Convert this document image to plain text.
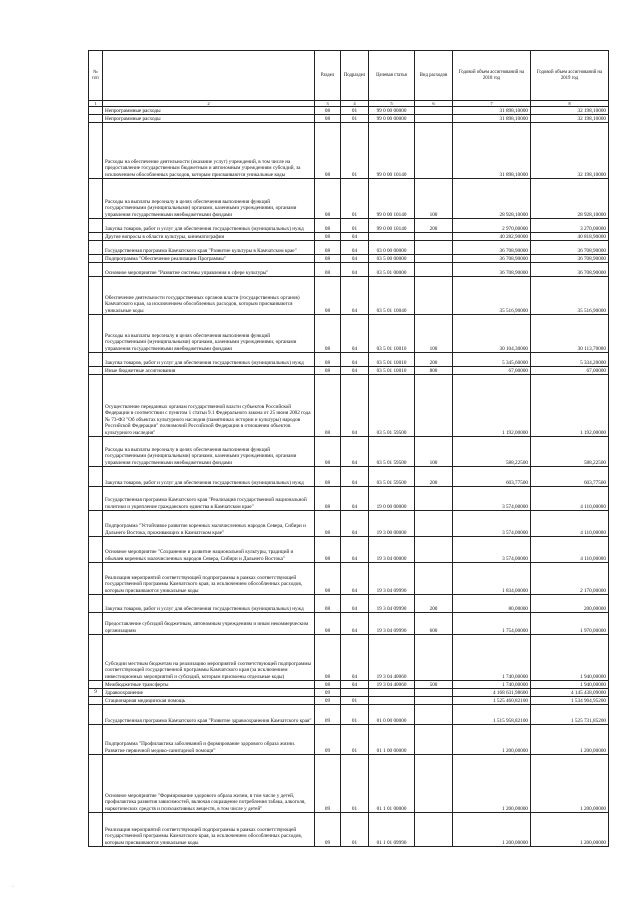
№ п/п		Раздел	Подраздел	Целевая статья	Вид расходов	Годовой объем ассигнований на 2018 год	Годовой объем ассигнований на 2019 год
1	2	3	4	5	6	7	8
	Непрограммные расходы	08	01	99 0 00 00000		31 898,10000	32 198,10000
	Непрограммные расходы	08	01	99 0 00 00000		31 898,10000	32 198,10000
	Расходы на обеспечение деятельности (оказание услуг) учреждений, в том числе на предоставление государственным бюджетным и автономным учреждениям субсидий, за исключением обособленных расходов, которым присваиваются уникальные коды	08	01	99 0 00 10140		31 898,10000	32 198,10000
	Расходы на выплаты персоналу в целях обеспечения выполнения функций государственными (муниципальными) органами, казенными учреждениями, органами управления государственными внебюджетными фондами	08	01	99 0 00 10140	100	28 928,10000	28 928,10000
	Закупка товаров, работ и услуг для обеспечения государственных (муниципальных) нужд	08	01	99 0 00 10140	200	2 970,00000	3 270,00000
	Другие вопросы в области культуры, кинематографии	08	04			40 282,90000	40 818,90000
	Государственная программа Камчатского края "Развитие культуры в Камчатском крае"	08	04	03 0 00 00000		36 708,90000	36 708,90000
	Подпрограмма "Обеспечение реализации Программы"	08	04	03 5 00 00000		36 708,90000	36 708,90000
	Основное мероприятие "Развитие системы управления в сфере культуры"	08	04	03 5 01 00000		36 708,90000	36 708,90000
	Обеспечение деятельности государственных органов власти (государственных органов) Камчатского края, за исключением обособленных расходов, которым присваиваются уникальные коды	08	04	03 5 01 10040		35 516,90000	35 516,90000
	Расходы на выплаты персоналу в целях обеспечения выполнения функций государственными (муниципальными) органами, казенными учреждениями, органами управления государственными внебюджетными фондами	08	04	03 5 01 10010	100	30 104,30000	30 113,70000
	Закупка товаров, работ и услуг для обеспечения государственных (муниципальных) нужд	08	04	03 5 01 10010	200	5 345,60000	5 334,20000
	Иные бюджетные ассигнования	08	04	03 5 01 10010	800	67,00000	67,00000
	Осуществление переданных органам государственной власти субъектов Российской Федерации в соответствии с пунктом 1 статьи 9.1 Федерального закона от 25 июня 2002 года № 73-ФЗ "Об объектах культурного наследия (памятниках истории и культуры) народов Российской Федерации" полномочий Российской Федерации в отношении объектов культурного наследия"	08	04	03 5 01 59500		1 192,00000	1 192,00000
	Расходы на выплаты персоналу в целях обеспечения выполнения функций государственными (муниципальными) органами, казенными учреждениями, органами управления государственными внебюджетными фондами	08	04	03 5 01 59500	100	588,22500	588,22500
	Закупка товаров, работ и услуг для обеспечения государственных (муниципальных) нужд	08	04	03 5 01 59500	200	603,77500	603,77500
	Государственная программа Камчатского края "Реализация государственной национальной политики и укрепление гражданского единства в Камчатском крае"	08	04	19 0 00 00000		3 574,00000	4 110,00000
	Подпрограмма "Устойчивое развитие коренных малочисленных народов Севера, Сибири и Дальнего Востока, проживающих в Камчатском крае"	08	04	19 3 00 00000		3 574,00000	4 110,00000
	Основное мероприятие "Сохранение и развитие национальной культуры, традиций и обычаев коренных малочисленных народов Севера, Сибири и Дальнего Востока"	08	04	19 3 04 00000		3 574,00000	4 110,00000
	Реализация мероприятий соответствующей подпрограммы в рамках соответствующей государственной программы Камчатского края, за исключением обособленных расходов, которым присваиваются уникальные коды	08	04	19 3 04 09990		1 834,00000	2 170,00000
	Закупка товаров, работ и услуг для обеспечения государственных (муниципальных) нужд	08	04	19 3 04 09990	200	80,00000	200,00000
	Предоставление субсидий бюджетным, автономным учреждениям и иным некоммерческим организациям	08	04	19 3 04 09990	600	1 754,00000	1 970,00000
	Субсидии местным бюджетам на реализацию мероприятий соответствующей подпрограммы соответствующей государственной программы Камчатского края (за исключением инвестиционных мероприятий и субсидий, которым присвоены отдельные коды)	08	04	19 3 04 40060		1 740,00000	1 940,00000
	Межбюджетные трансферты	08	04	19 3 04 40060	500	1 740,00000	1 940,00000
9	Здравоохранение	09				4 168 631,98600	4 145 438,09000
	Стационарная медицинская помощь	09	01			1 525 460,82100	1 534 904,95200
	Государственная программа Камчатского края "Развитие здравоохранения Камчатского края"	09	01	01 0 00 00000		1 515 958,82100	1 525 731,85200
	Подпрограмма "Профилактика заболеваний и формирование здорового образа жизни. Развитие первичной медико-санитарной помощи"	09	01	01 1 00 00000		1 200,00000	1 200,00000
	Основное мероприятие "Формирование здорового образа жизни, в том числе у детей, профилактика развития зависимостей, включая сокращение потребления табака, алкоголя, наркотических средств и психоактивных веществ, в том числе у детей"	09	01	01 1 01 00000		1 200,00000	1 200,00000
	Реализация мероприятий соответствующей подпрограммы в рамках соответствующей государственной программы Камчатского края, за исключением обособленных расходов, которым присваиваются уникальные коды	09	01	01 1 01 09990		1 200,00000	1 200,00000
·
